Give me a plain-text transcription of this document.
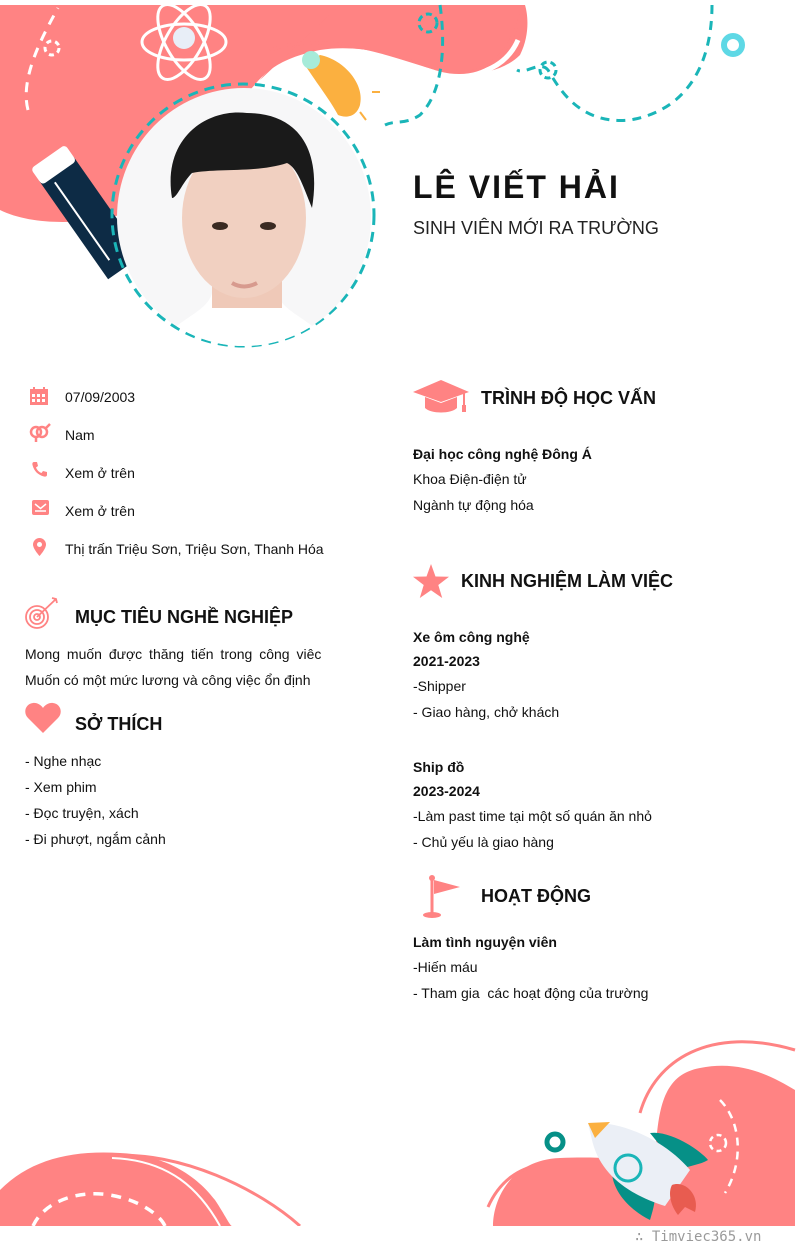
LÊ VIẾT HẢI
SINH VIÊN MỚI RA TRƯỜNG
07/09/2003
Nam
Xem ở trên
Xem ở trên
Thị trấn Triệu Sơn, Triệu Sơn, Thanh Hóa
MỤC TIÊU NGHỀ NGHIỆP
Mong muốn được thăng tiến trong công viêc
Muốn có một mức lương và công việc ổn định
SỞ THÍCH
- Nghe nhạc
- Xem phim
- Đọc truyện, xách
- Đi phượt, ngắm cảnh
TRÌNH ĐỘ HỌC VẤN
Đại học công nghệ Đông Á
Khoa Điện-điện tử
Ngành tự động hóa
KINH NGHIỆM LÀM VIỆC
Xe ôm công nghệ
2021-2023
-Shipper
- Giao hàng, chở khách
Ship đồ
2023-2024
-Làm past time tại một số quán ăn nhỏ
- Chủ yếu là giao hàng
HOẠT ĐỘNG
Làm tình nguyện viên
-Hiến máu
- Tham gia  các hoạt động của trường
∴ Timviec365.vn
